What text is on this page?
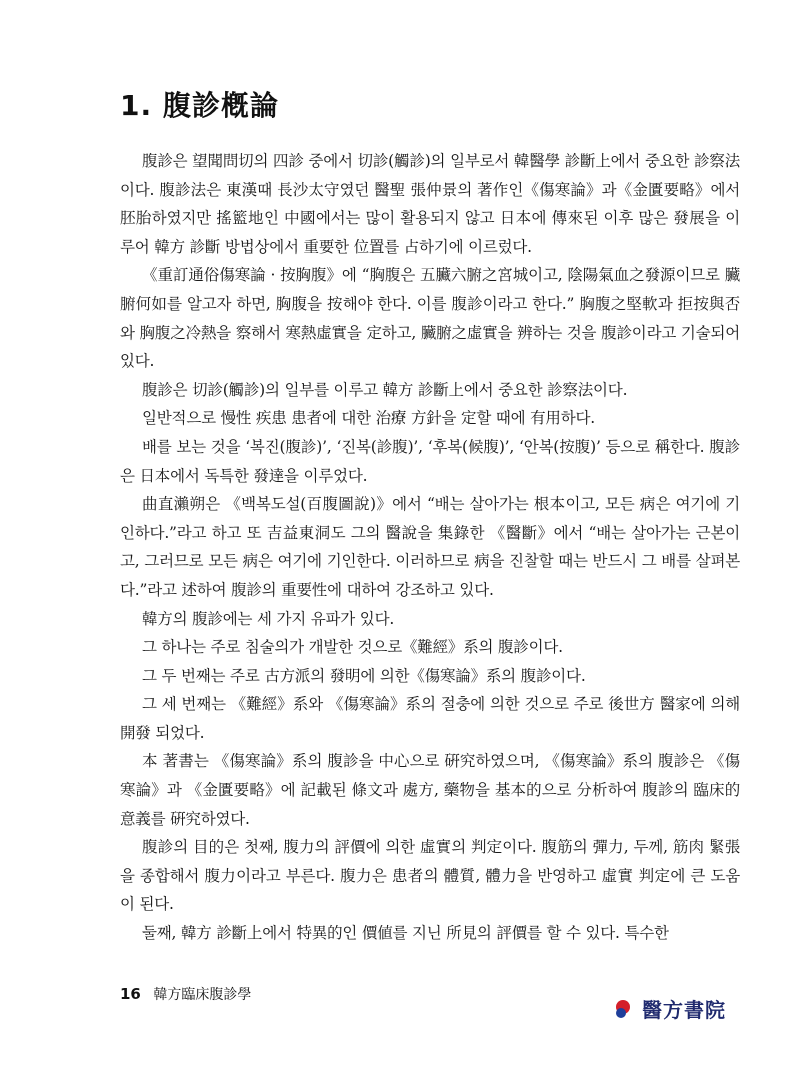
1. 腹診槪論

腹診은 望聞問切의 四診 중에서 切診(觸診)의 일부로서 韓醫學 診斷上에서 중요한 診察法이다. 腹診法은 東漢때 長沙太守였던 醫聖 張仲景의 著作인《傷寒論》과《金匱要略》에서 胚胎하였지만 搖籃地인 中國에서는 많이 활용되지 않고 日本에 傳來된 이후 많은 發展을 이루어 韓方 診斷 방법상에서 重要한 位置를 占하기에 이르렀다.

《重訂通俗傷寒論 · 按胸腹》에 “胸腹은 五臟六腑之宮城이고, 陰陽氣血之發源이므로 臟腑何如를 알고자 하면, 胸腹을 按해야 한다. 이를 腹診이라고 한다.” 胸腹之堅軟과 拒按與否와 胸腹之冷熱을 察해서 寒熱虛實을 定하고, 臟腑之虛實을 辨하는 것을 腹診이라고 기술되어 있다.

腹診은 切診(觸診)의 일부를 이루고 韓方 診斷上에서 중요한 診察法이다.

일반적으로 慢性 疾患 患者에 대한 治療 方針을 定할 때에 有用하다.

배를 보는 것을 ‘복진(腹診)’, ‘진복(診腹)’, ‘후복(候腹)’, ‘안복(按腹)’ 등으로 稱한다. 腹診은 日本에서 독특한 發達을 이루었다.

曲直瀨朔은 《백복도설(百腹圖說)》에서 “배는 살아가는 根本이고, 모든 病은 여기에 기인하다.”라고 하고 또 吉益東洞도 그의 醫說을 集錄한 《醫斷》에서 “배는 살아가는 근본이고, 그러므로 모든 病은 여기에 기인한다. 이러하므로 病을 진찰할 때는 반드시 그 배를 살펴본다.”라고 述하여 腹診의 重要性에 대하여 강조하고 있다.

韓方의 腹診에는 세 가지 유파가 있다.

그 하나는 주로 침술의가 개발한 것으로《難經》系의 腹診이다.

그 두 번째는 주로 古方派의 發明에 의한《傷寒論》系의 腹診이다.

그 세 번째는 《難經》系와 《傷寒論》系의 절충에 의한 것으로 주로 後世方 醫家에 의해 開發 되었다.

本 著書는 《傷寒論》系의 腹診을 中心으로 硏究하였으며, 《傷寒論》系의 腹診은 《傷寒論》과 《金匱要略》에 記載된 條文과 處方, 藥物을 基本的으로 分析하여 腹診의 臨床的 意義를 硏究하였다.

腹診의 目的은 첫째, 腹力의 評價에 의한 虛實의 判定이다. 腹筋의 彈力, 두께, 筋肉 緊張을 종합해서 腹力이라고 부른다. 腹力은 患者의 體質, 體力을 반영하고 虛實 判定에 큰 도움이 된다.

둘째, 韓方 診斷上에서 特異的인 價値를 지닌 所見의 評價를 할 수 있다. 특수한

16 韓方臨床腹診學
醫方書院
